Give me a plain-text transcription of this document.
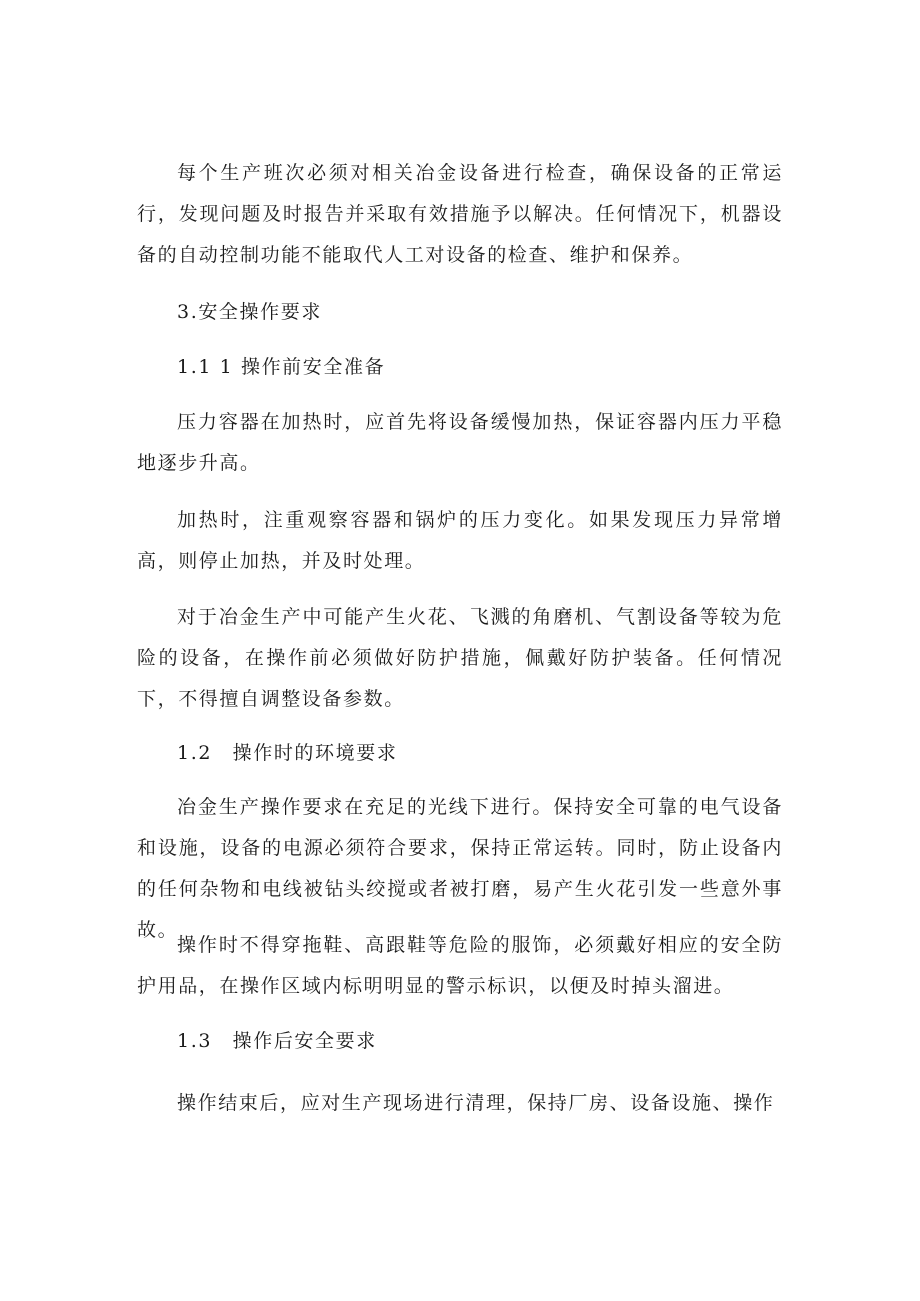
每个生产班次必须对相关冶金设备进行检查，确保设备的正常运行，发现问题及时报告并采取有效措施予以解决。任何情况下，机器设备的自动控制功能不能取代人工对设备的检查、维护和保养。

3.安全操作要求

1.1 1 操作前安全准备

压力容器在加热时，应首先将设备缓慢加热，保证容器内压力平稳地逐步升高。

加热时，注重观察容器和锅炉的压力变化。如果发现压力异常增高，则停止加热，并及时处理。

对于冶金生产中可能产生火花、飞溅的角磨机、气割设备等较为危险的设备，在操作前必须做好防护措施，佩戴好防护装备。任何情况下，不得擅自调整设备参数。

1.2　操作时的环境要求

冶金生产操作要求在充足的光线下进行。保持安全可靠的电气设备和设施，设备的电源必须符合要求，保持正常运转。同时，防止设备内的任何杂物和电线被钻头绞搅或者被打磨，易产生火花引发一些意外事故。

操作时不得穿拖鞋、高跟鞋等危险的服饰，必须戴好相应的安全防护用品，在操作区域内标明明显的警示标识，以便及时掉头溜进。

1.3　操作后安全要求

操作结束后，应对生产现场进行清理，保持厂房、设备设施、操作
